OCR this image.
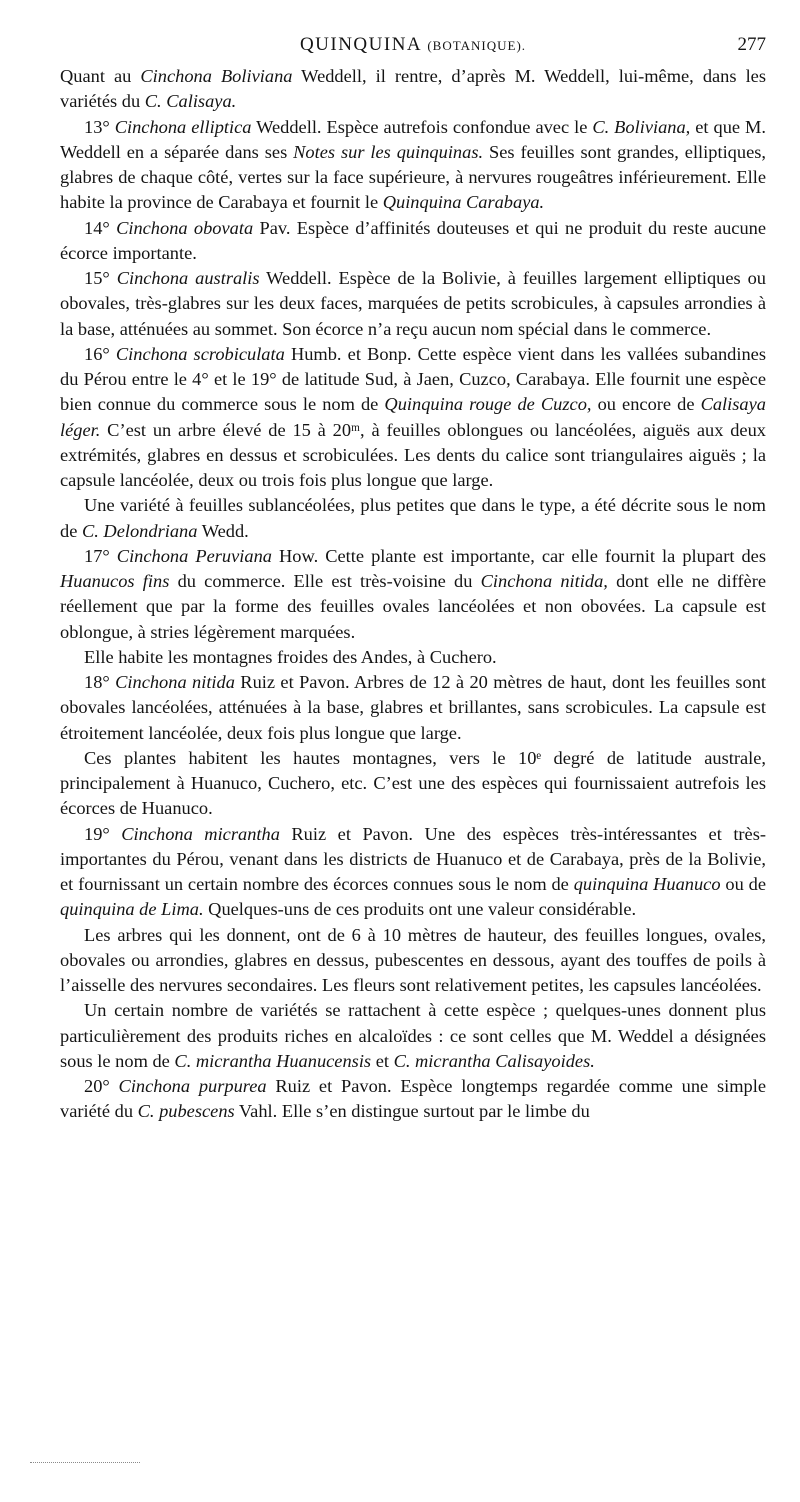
QUINQUINA (BOTANIQUE).	277

Quant au Cinchona Boliviana Weddell, il rentre, d’après M. Weddell, lui-même, dans les variétés du C. Calisaya.

13° Cinchona elliptica Weddell. Espèce autrefois confondue avec le C. Boliviana, et que M. Weddell en a séparée dans ses Notes sur les quinquinas. Ses feuilles sont grandes, elliptiques, glabres de chaque côté, vertes sur la face supérieure, à nervures rougeâtres inférieurement. Elle habite la province de Carabaya et fournit le Quinquina Carabaya.

14° Cinchona obovata Pav. Espèce d’affinités douteuses et qui ne produit du reste aucune écorce importante.

15° Cinchona australis Weddell. Espèce de la Bolivie, à feuilles largement elliptiques ou obovales, très-glabres sur les deux faces, marquées de petits scrobicules, à capsules arrondies à la base, atténuées au sommet. Son écorce n’a reçu aucun nom spécial dans le commerce.

16° Cinchona scrobiculata Humb. et Bonp. Cette espèce vient dans les vallées subandines du Pérou entre le 4° et le 19° de latitude Sud, à Jaen, Cuzco, Carabaya. Elle fournit une espèce bien connue du commerce sous le nom de Quinquina rouge de Cuzco, ou encore de Calisaya léger. C’est un arbre élevé de 15 à 20ᵐ, à feuilles oblongues ou lancéolées, aiguës aux deux extrémités, glabres en dessus et scrobiculées. Les dents du calice sont triangulaires aiguës ; la capsule lancéolée, deux ou trois fois plus longue que large.

Une variété à feuilles sublancéolées, plus petites que dans le type, a été décrite sous le nom de C. Delondriana Wedd.

17° Cinchona Peruviana How. Cette plante est importante, car elle fournit la plupart des Huanucos fins du commerce. Elle est très-voisine du Cinchona nitida, dont elle ne diffère réellement que par la forme des feuilles ovales lancéolées et non obovées. La capsule est oblongue, à stries légèrement marquées.

Elle habite les montagnes froides des Andes, à Cuchero.

18° Cinchona nitida Ruiz et Pavon. Arbres de 12 à 20 mètres de haut, dont les feuilles sont obovales lancéolées, atténuées à la base, glabres et brillantes, sans scrobicules. La capsule est étroitement lancéolée, deux fois plus longue que large.

Ces plantes habitent les hautes montagnes, vers le 10ᵉ degré de latitude australe, principalement à Huanuco, Cuchero, etc. C’est une des espèces qui fournissaient autrefois les écorces de Huanuco.

19° Cinchona micrantha Ruiz et Pavon. Une des espèces très-intéressantes et très-importantes du Pérou, venant dans les districts de Huanuco et de Carabaya, près de la Bolivie, et fournissant un certain nombre des écorces connues sous le nom de quinquina Huanuco ou de quinquina de Lima. Quelques-uns de ces produits ont une valeur considérable.

Les arbres qui les donnent, ont de 6 à 10 mètres de hauteur, des feuilles longues, ovales, obovales ou arrondies, glabres en dessus, pubescentes en dessous, ayant des touffes de poils à l’aisselle des nervures secondaires. Les fleurs sont relativement petites, les capsules lancéolées.

Un certain nombre de variétés se rattachent à cette espèce ; quelques-unes donnent plus particulièrement des produits riches en alcaloïdes : ce sont celles que M. Weddel a désignées sous le nom de C. micrantha Huanucensis et C. micrantha Calisayoides.

20° Cinchona purpurea Ruiz et Pavon. Espèce longtemps regardée comme une simple variété du C. pubescens Vahl. Elle s’en distingue surtout par le limbe du
